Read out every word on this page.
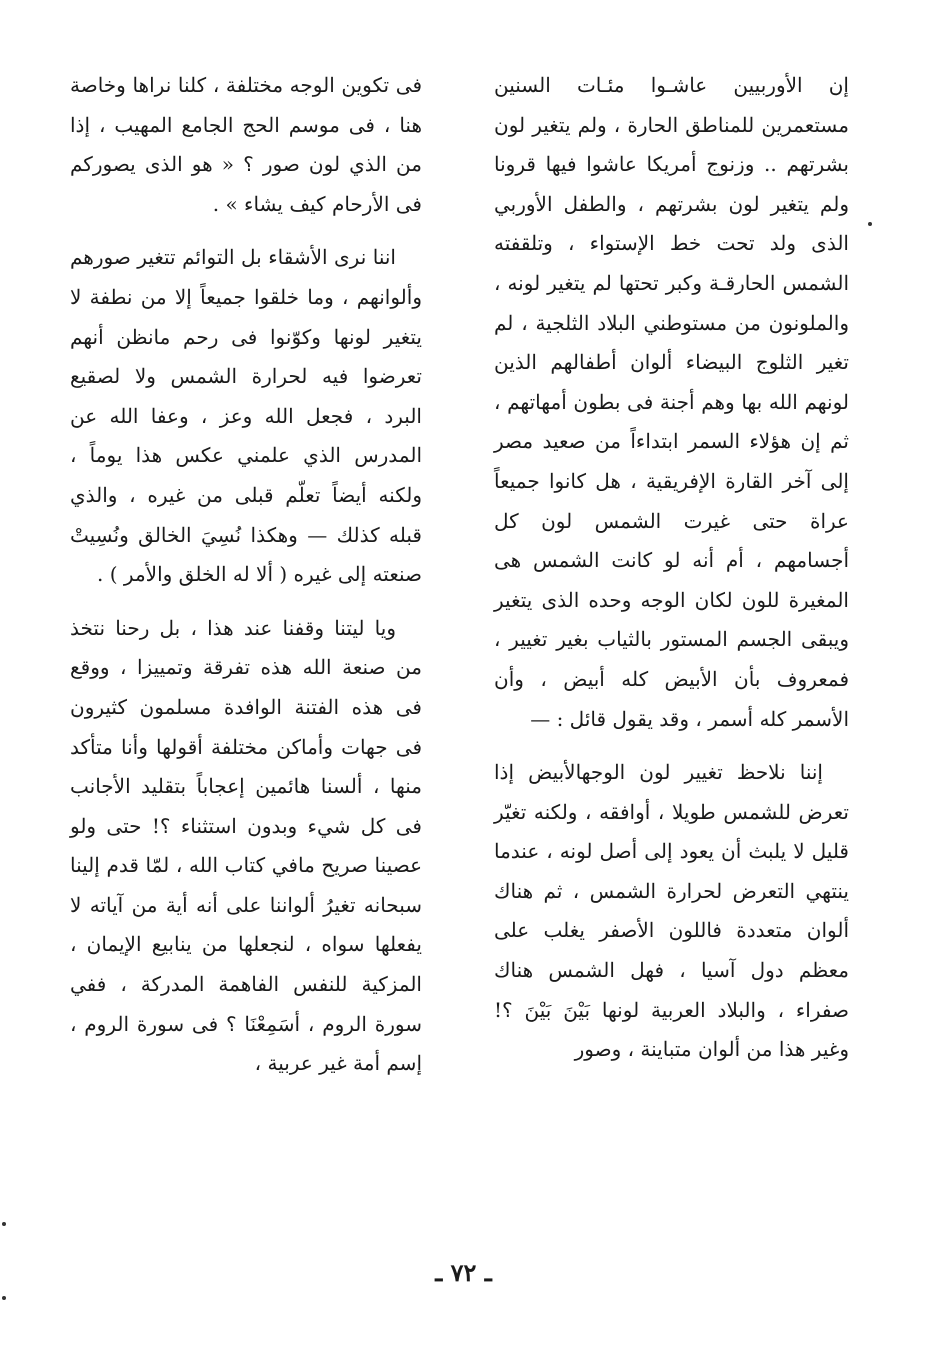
إن الأوربيين عاشـوا مئـات السنين مستعمرين للمناطق الحارة ، ولم يتغير لون بشرتهم .. وزنوج أمريكا عاشوا فيها قرونا ولم يتغير لون بشرتهم ، والطفل الأوربي الذى ولد تحت خط الإستواء ، وتلقفته الشمس الحارقـة وكبر تحتها لم يتغير لونه ، والملونون من مستوطني البلاد الثلجية ، لم تغير الثلوج البيضاء ألوان أطفالهم الذين لونهم الله بها وهم أجنة فى بطون أمهاتهم ، ثم إن هؤلاء السمر ابتداءاً من صعيد مصر إلى آخر القارة الإفريقية ، هل كانوا جميعاً عراة حتى غيرت الشمس لون كل أجسامهم ، أم أنه لو كانت الشمس هى المغيرة للون لكان الوجه وحده الذى يتغير ويبقى الجسم المستور بالثياب بغير تغيير ، فمعروف بأن الأبيض كله أبيض ، وأن الأسمر كله أسمر ، وقد يقول قائل : —

إننا نلاحظ تغيير لون الوجهالأبيض إذا تعرض للشمس طويلا ، أوافقه ، ولكنه تغيّر قليل لا يلبث أن يعود إلى أصل لونه ، عندما ينتهي التعرض لحرارة الشمس ، ثم هناك ألوان متعددة فاللون الأصفر يغلب على معظم دول آسيا ، فهل الشمس هناك صفراء ، والبلاد العربية لونها بَيْنَ بَيْنَ ؟! وغير هذا من ألوان متباينة ، وصور

فى تكوين الوجه مختلفة ، كلنا نراها وخاصة هنا ، فى موسم الحج الجامع المهيب ، إذا من الذي لون صور ؟ « هو الذى يصوركم فى الأرحام كيف يشاء » .

اننا نرى الأشقاء بل التوائم تتغير صورهم وألوانهم ، وما خلقوا جميعاً إلا من نطفة لا يتغير لونها وكوّنوا فى رحم مانظن أنهم تعرضوا فيه لحرارة الشمس ولا لصقيع البرد ، فجعل الله وعز ، وعفا الله عن المدرس الذي علمني عكس هذا يوماً ، ولكنه أيضاً تعلّم قبلى من غيره ، والذي قبله كذلك — وهكذا نُسِيَ الخالق ونُسِيتْ صنعته إلى غيره ( ألا له الخلق والأمر ) .

ويا ليتنا وقفنا عند هذا ، بل رحنا نتخذ من صنعة الله هذه تفرقة وتمييزا ، ووقع فى هذه الفتنة الوافدة مسلمون كثيرون فى جهات وأماكن مختلفة أقولها وأنا متأكد منها ، ألسنا هائمين إعجاباً بتقليد الأجانب فى كل شيء وبدون استثناء ؟! حتى ولو عصينا صريح مافي كتاب الله ، لمّا قدم إلينا سبحانه تغيرُ ألواننا على أنه أية من آياته لا يفعلها سواه ، لنجعلها من ينابيع الإيمان ، المزكية للنفس الفاهمة المدركة ، ففي سورة الروم ، أسَمِعْنَا ؟ فى سورة الروم ، إسم أمة غير عربية ،

ـ ٧٢ ـ
